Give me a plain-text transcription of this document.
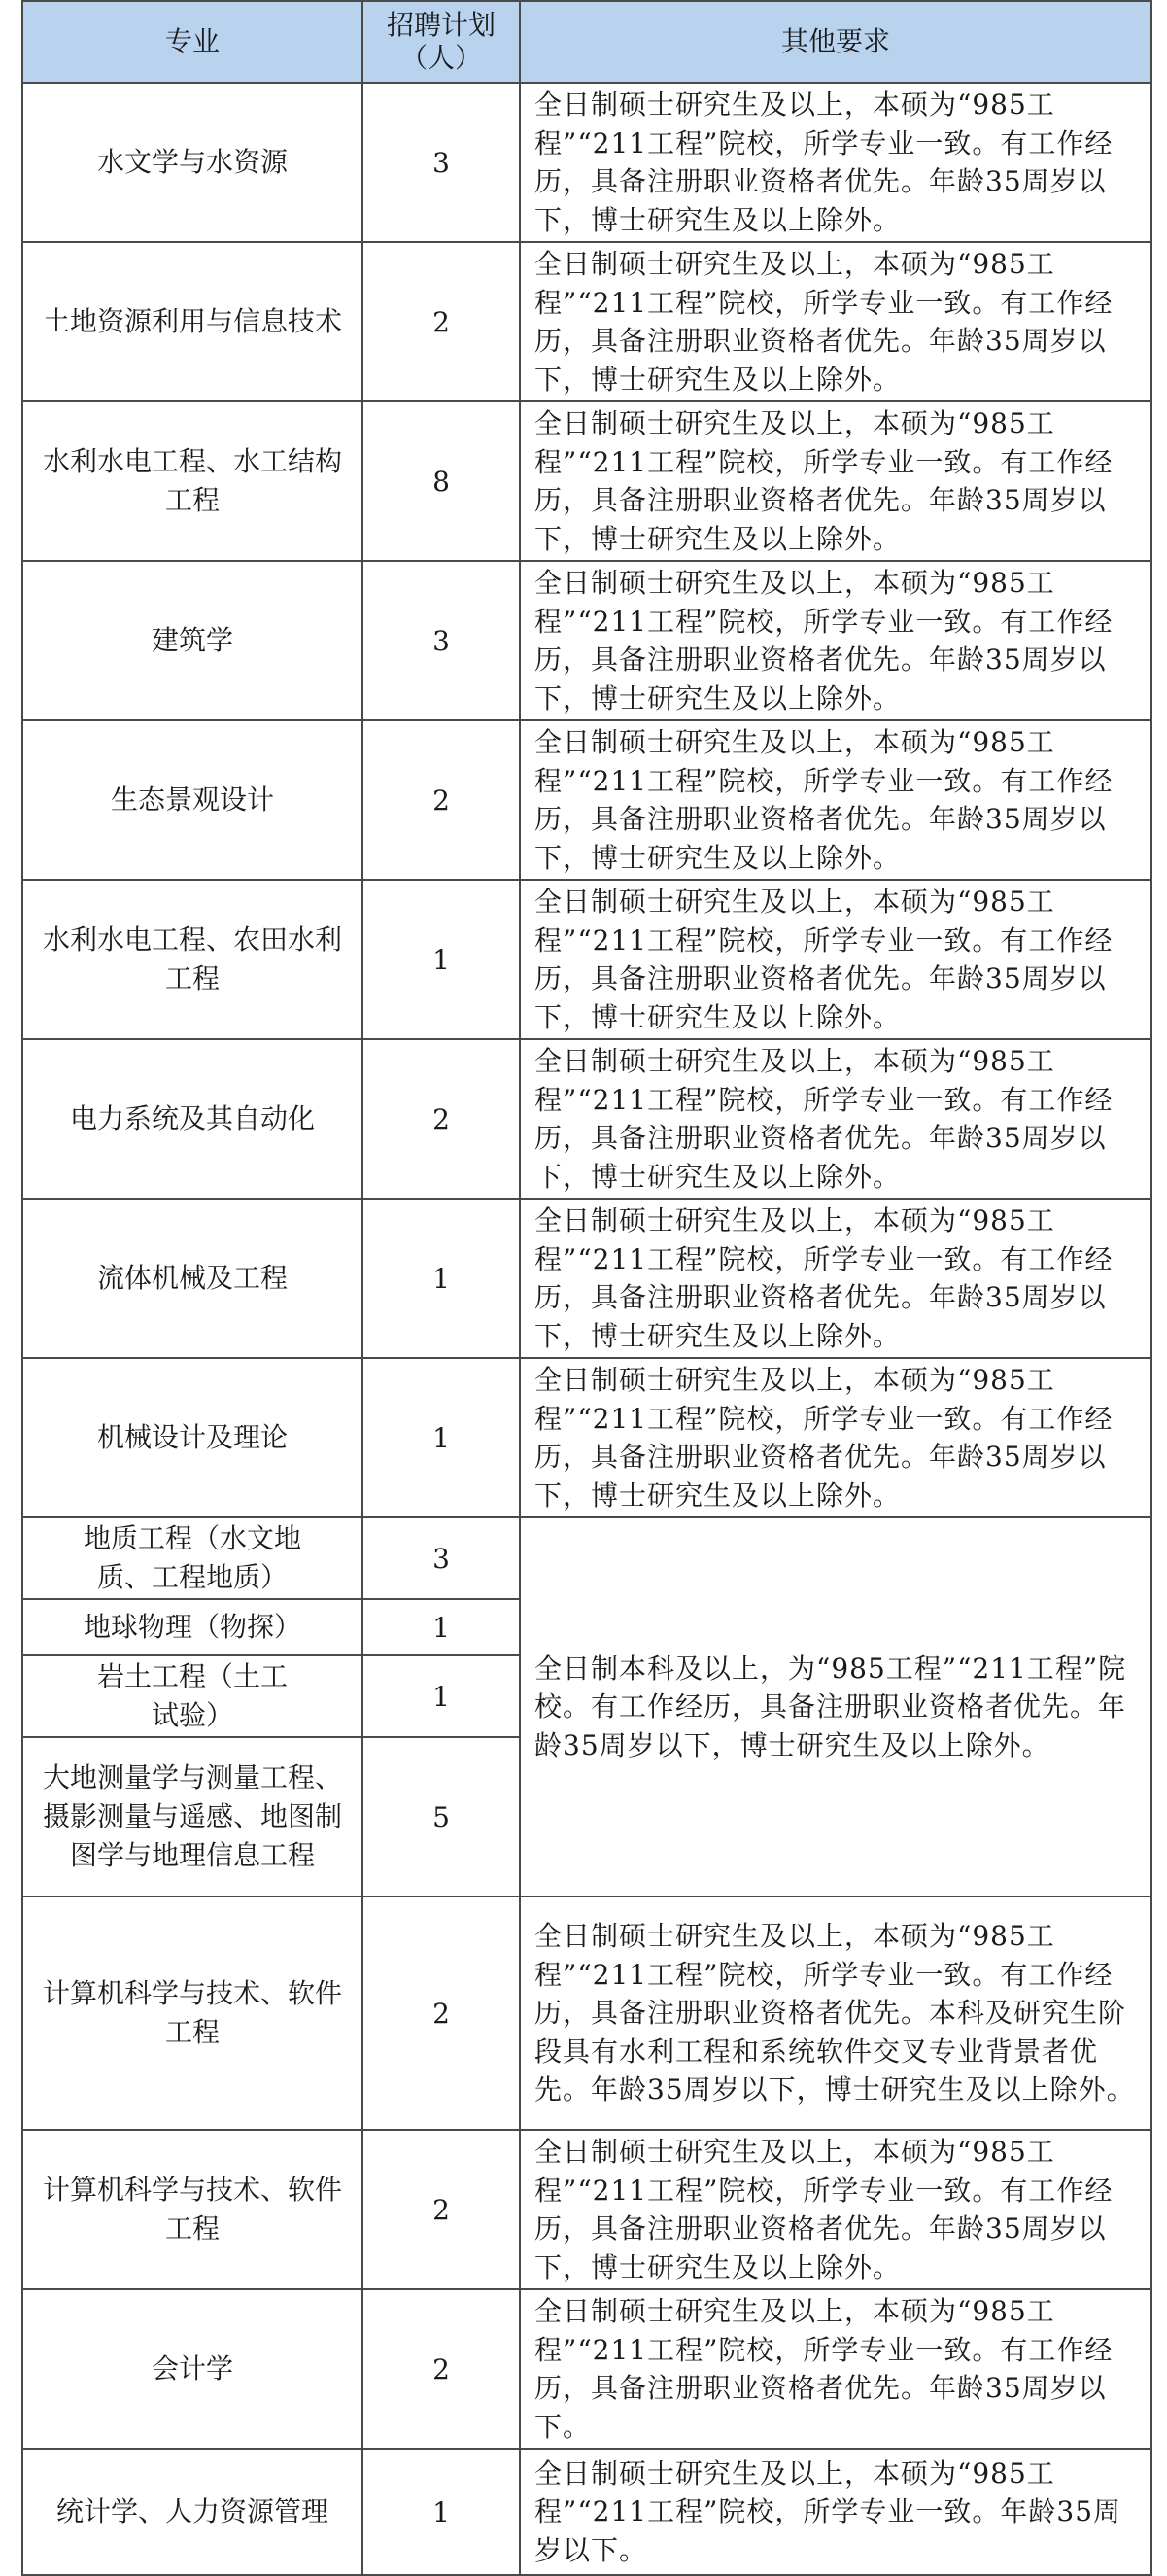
专业	招聘计划（人）	其他要求
水文学与水资源	3	全日制硕士研究生及以上，本硕为“985工程”“211工程”院校，所学专业一致。有工作经历，具备注册职业资格者优先。年龄35周岁以下，博士研究生及以上除外。
土地资源利用与信息技术	2	全日制硕士研究生及以上，本硕为“985工程”“211工程”院校，所学专业一致。有工作经历，具备注册职业资格者优先。年龄35周岁以下，博士研究生及以上除外。
水利水电工程、水工结构工程	8	全日制硕士研究生及以上，本硕为“985工程”“211工程”院校，所学专业一致。有工作经历，具备注册职业资格者优先。年龄35周岁以下，博士研究生及以上除外。
建筑学	3	全日制硕士研究生及以上，本硕为“985工程”“211工程”院校，所学专业一致。有工作经历，具备注册职业资格者优先。年龄35周岁以下，博士研究生及以上除外。
生态景观设计	2	全日制硕士研究生及以上，本硕为“985工程”“211工程”院校，所学专业一致。有工作经历，具备注册职业资格者优先。年龄35周岁以下，博士研究生及以上除外。
水利水电工程、农田水利工程	1	全日制硕士研究生及以上，本硕为“985工程”“211工程”院校，所学专业一致。有工作经历，具备注册职业资格者优先。年龄35周岁以下，博士研究生及以上除外。
电力系统及其自动化	2	全日制硕士研究生及以上，本硕为“985工程”“211工程”院校，所学专业一致。有工作经历，具备注册职业资格者优先。年龄35周岁以下，博士研究生及以上除外。
流体机械及工程	1	全日制硕士研究生及以上，本硕为“985工程”“211工程”院校，所学专业一致。有工作经历，具备注册职业资格者优先。年龄35周岁以下，博士研究生及以上除外。
机械设计及理论	1	全日制硕士研究生及以上，本硕为“985工程”“211工程”院校，所学专业一致。有工作经历，具备注册职业资格者优先。年龄35周岁以下，博士研究生及以上除外。
地质工程（水文地质、工程地质）	3	全日制本科及以上，为“985工程”“211工程”院校。有工作经历，具备注册职业资格者优先。年龄35周岁以下，博士研究生及以上除外。
地球物理（物探）	1	
岩土工程（土工试验）	1	
大地测量学与测量工程、摄影测量与遥感、地图制图学与地理信息工程	5	
计算机科学与技术、软件工程	2	全日制硕士研究生及以上，本硕为“985工程”“211工程”院校，所学专业一致。有工作经历，具备注册职业资格者优先。本科及研究生阶段具有水利工程和系统软件交叉专业背景者优先。年龄35周岁以下，博士研究生及以上除外。
计算机科学与技术、软件工程	2	全日制硕士研究生及以上，本硕为“985工程”“211工程”院校，所学专业一致。有工作经历，具备注册职业资格者优先。年龄35周岁以下，博士研究生及以上除外。
会计学	2	全日制硕士研究生及以上，本硕为“985工程”“211工程”院校，所学专业一致。有工作经历，具备注册职业资格者优先。年龄35周岁以下。
统计学、人力资源管理	1	全日制硕士研究生及以上，本硕为“985工程”“211工程”院校，所学专业一致。年龄35周岁以下。
